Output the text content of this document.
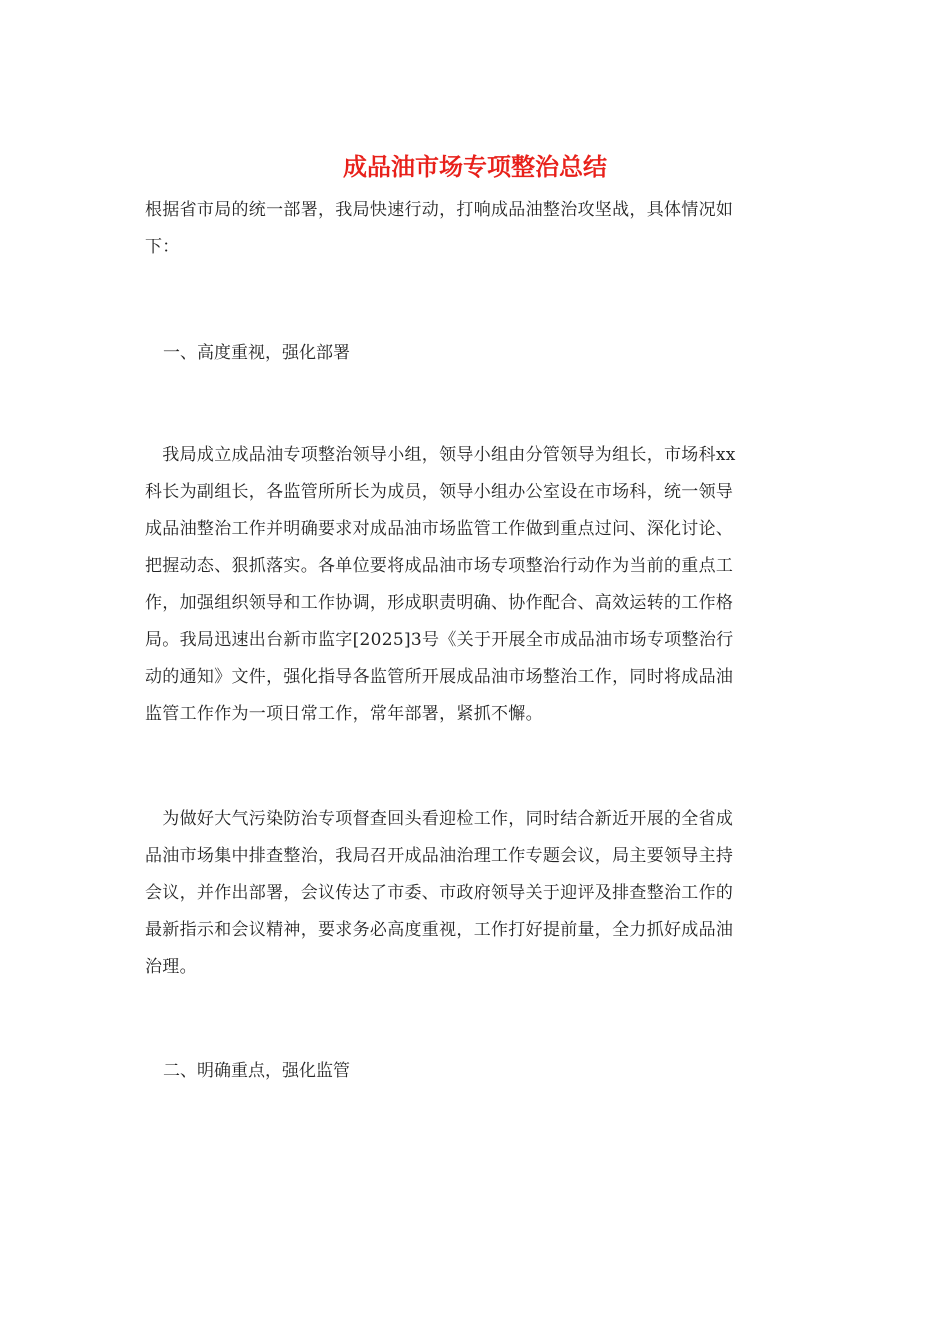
成品油市场专项整治总结
根据省市局的统一部署，我局快速行动，打响成品油整治攻坚战，具体情况如
下：
一、高度重视，强化部署
　我局成立成品油专项整治领导小组，领导小组由分管领导为组长，市场科xx
科长为副组长，各监管所所长为成员，领导小组办公室设在市场科，统一领导
成品油整治工作并明确要求对成品油市场监管工作做到重点过问、深化讨论、
把握动态、狠抓落实。各单位要将成品油市场专项整治行动作为当前的重点工
作，加强组织领导和工作协调，形成职责明确、协作配合、高效运转的工作格
局。我局迅速出台新市监字[2025]3号《关于开展全市成品油市场专项整治行
动的通知》文件，强化指导各监管所开展成品油市场整治工作，同时将成品油
监管工作作为一项日常工作，常年部署，紧抓不懈。
　为做好大气污染防治专项督查回头看迎检工作，同时结合新近开展的全省成
品油市场集中排查整治，我局召开成品油治理工作专题会议，局主要领导主持
会议，并作出部署，会议传达了市委、市政府领导关于迎评及排查整治工作的
最新指示和会议精神，要求务必高度重视，工作打好提前量，全力抓好成品油
治理。
二、明确重点，强化监管
